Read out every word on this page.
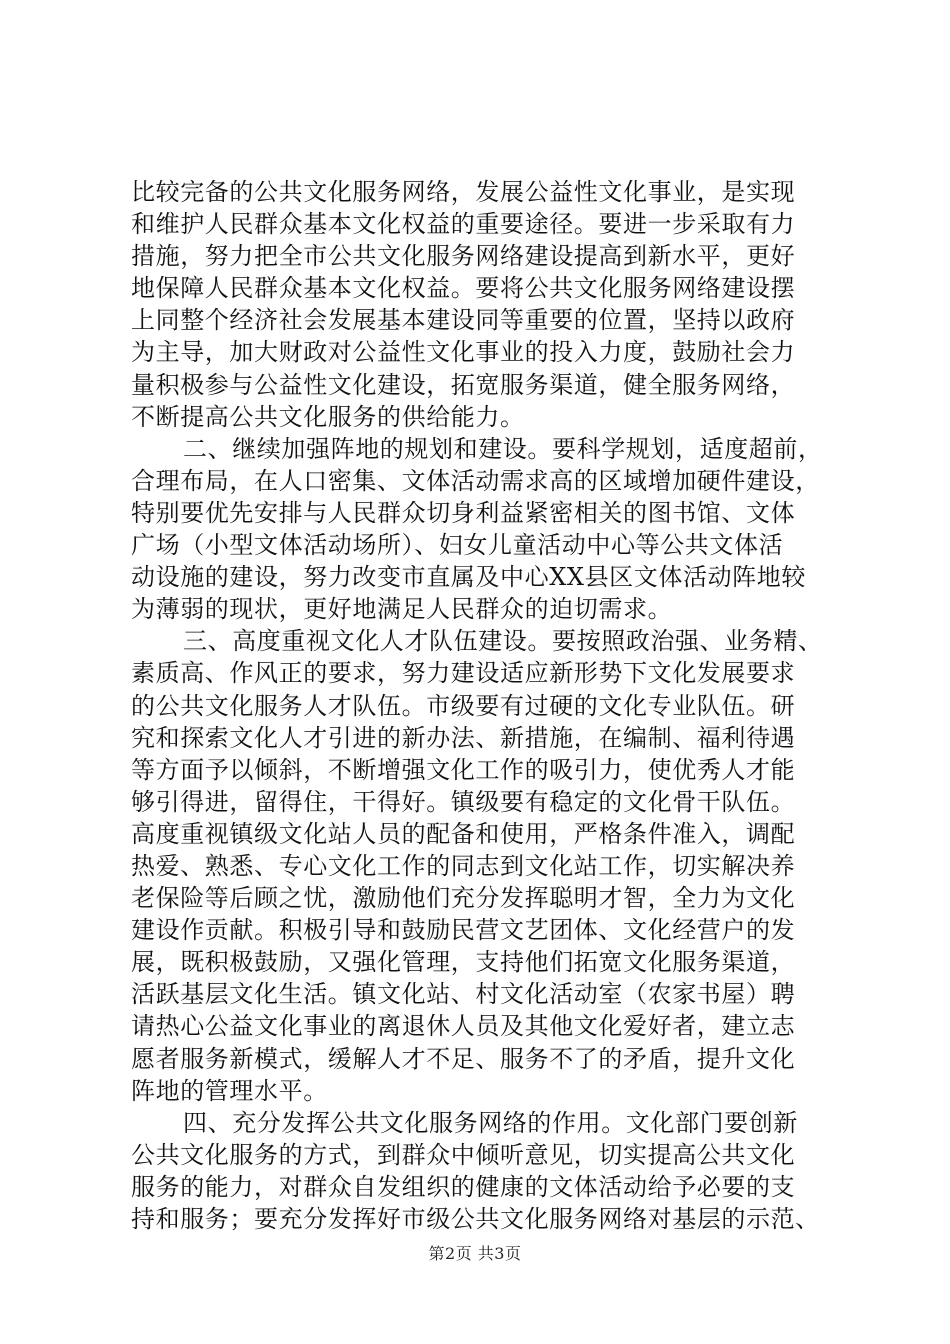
比较完备的公共文化服务网络，发展公益性文化事业，是实现
和维护人民群众基本文化权益的重要途径。要进一步采取有力
措施，努力把全市公共文化服务网络建设提高到新水平，更好
地保障人民群众基本文化权益。要将公共文化服务网络建设摆
上同整个经济社会发展基本建设同等重要的位置，坚持以政府
为主导，加大财政对公益性文化事业的投入力度，鼓励社会力
量积极参与公益性文化建设，拓宽服务渠道，健全服务网络，
不断提高公共文化服务的供给能力。
二、继续加强阵地的规划和建设。要科学规划，适度超前，
合理布局，在人口密集、文体活动需求高的区域增加硬件建设，
特别要优先安排与人民群众切身利益紧密相关的图书馆、文体
广场（小型文体活动场所）、妇女儿童活动中心等公共文体活
动设施的建设，努力改变市直属及中心XX县区文体活动阵地较
为薄弱的现状，更好地满足人民群众的迫切需求。
三、高度重视文化人才队伍建设。要按照政治强、业务精、
素质高、作风正的要求，努力建设适应新形势下文化发展要求
的公共文化服务人才队伍。市级要有过硬的文化专业队伍。研
究和探索文化人才引进的新办法、新措施，在编制、福利待遇
等方面予以倾斜，不断增强文化工作的吸引力，使优秀人才能
够引得进，留得住，干得好。镇级要有稳定的文化骨干队伍。
高度重视镇级文化站人员的配备和使用，严格条件准入，调配
热爱、熟悉、专心文化工作的同志到文化站工作，切实解决养
老保险等后顾之忧，激励他们充分发挥聪明才智，全力为文化
建设作贡献。积极引导和鼓励民营文艺团体、文化经营户的发
展，既积极鼓励，又强化管理，支持他们拓宽文化服务渠道，
活跃基层文化生活。镇文化站、村文化活动室（农家书屋）聘
请热心公益文化事业的离退休人员及其他文化爱好者，建立志
愿者服务新模式，缓解人才不足、服务不了的矛盾，提升文化
阵地的管理水平。
四、充分发挥公共文化服务网络的作用。文化部门要创新
公共文化服务的方式，到群众中倾听意见，切实提高公共文化
服务的能力，对群众自发组织的健康的文体活动给予必要的支
持和服务；要充分发挥好市级公共文化服务网络对基层的示范、
第2页 共3页
